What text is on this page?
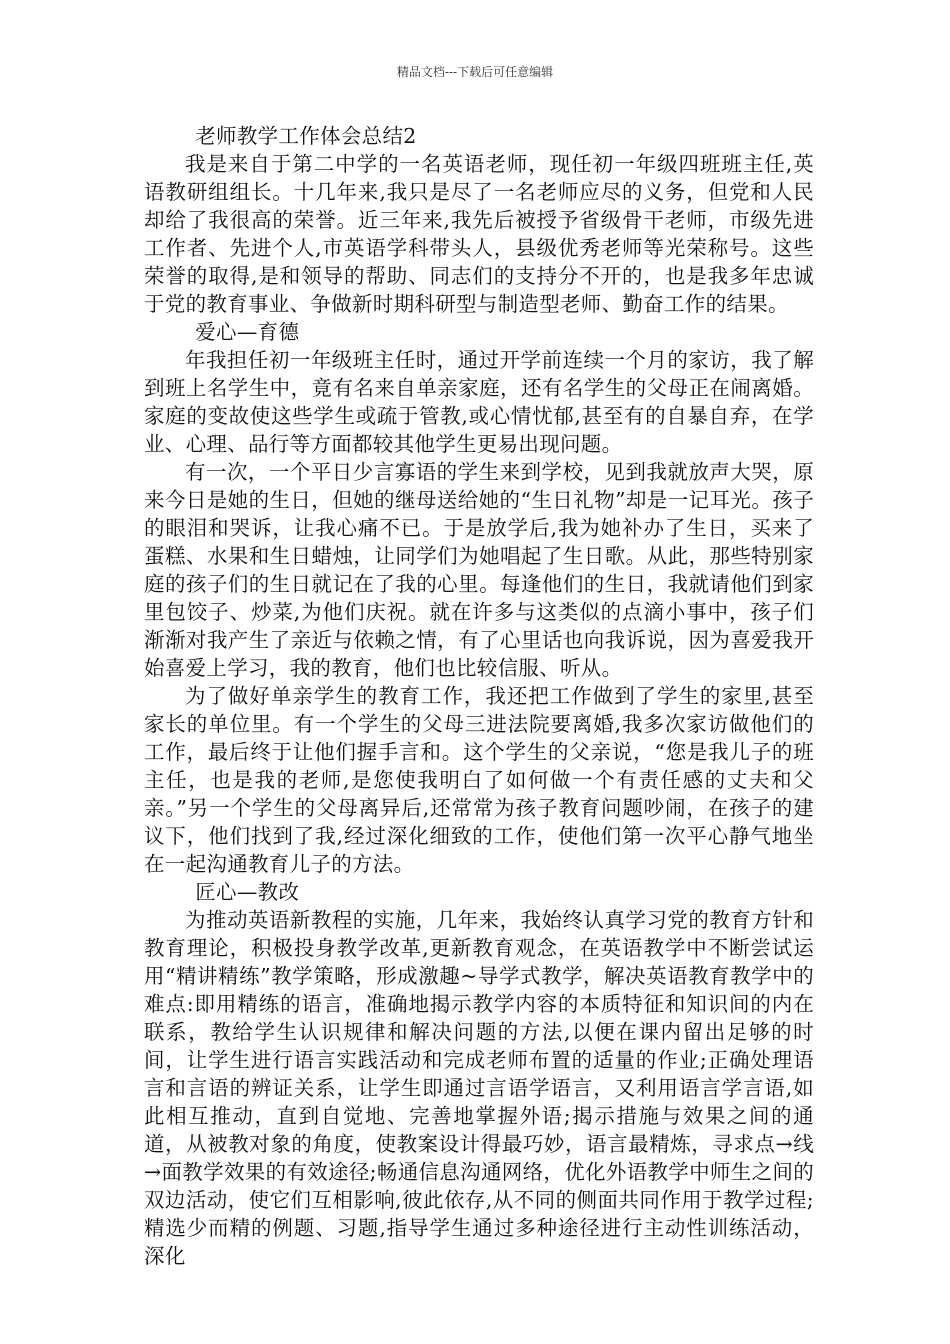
精品文档---下载后可任意编辑

老师教学工作体会总结2

我是来自于第二中学的一名英语老师，现任初一年级四班班主任,英语教研组组长。十几年来,我只是尽了一名老师应尽的义务，但党和人民却给了我很高的荣誉。近三年来,我先后被授予省级骨干老师，市级先进工作者、先进个人,市英语学科带头人，县级优秀老师等光荣称号。这些荣誉的取得,是和领导的帮助、同志们的支持分不开的，也是我多年忠诚于党的教育事业、争做新时期科研型与制造型老师、勤奋工作的结果。

爱心—育德

年我担任初一年级班主任时，通过开学前连续一个月的家访，我了解到班上名学生中，竟有名来自单亲家庭，还有名学生的父母正在闹离婚。家庭的变故使这些学生或疏于管教,或心情忧郁,甚至有的自暴自弃，在学业、心理、品行等方面都较其他学生更易出现问题。

有一次，一个平日少言寡语的学生来到学校，见到我就放声大哭，原来今日是她的生日，但她的继母送给她的“生日礼物”却是一记耳光。孩子的眼泪和哭诉，让我心痛不已。于是放学后,我为她补办了生日，买来了蛋糕、水果和生日蜡烛，让同学们为她唱起了生日歌。从此，那些特别家庭的孩子们的生日就记在了我的心里。每逢他们的生日，我就请他们到家里包饺子、炒菜,为他们庆祝。就在许多与这类似的点滴小事中，孩子们渐渐对我产生了亲近与依赖之情，有了心里话也向我诉说，因为喜爱我开始喜爱上学习，我的教育，他们也比较信服、听从。

为了做好单亲学生的教育工作，我还把工作做到了学生的家里,甚至家长的单位里。有一个学生的父母三进法院要离婚,我多次家访做他们的工作，最后终于让他们握手言和。这个学生的父亲说，“您是我儿子的班主任，也是我的老师,是您使我明白了如何做一个有责任感的丈夫和父亲。”另一个学生的父母离异后,还常常为孩子教育问题吵闹，在孩子的建议下，他们找到了我,经过深化细致的工作，使他们第一次平心静气地坐在一起沟通教育儿子的方法。

匠心—教改

为推动英语新教程的实施，几年来，我始终认真学习党的教育方针和教育理论，积极投身教学改革,更新教育观念，在英语教学中不断尝试运用“精讲精练”教学策略，形成激趣~导学式教学，解决英语教育教学中的难点:即用精练的语言，准确地揭示教学内容的本质特征和知识间的内在联系，教给学生认识规律和解决问题的方法,以便在课内留出足够的时间，让学生进行语言实践活动和完成老师布置的适量的作业;正确处理语言和言语的辨证关系，让学生即通过言语学语言，又利用语言学言语,如此相互推动，直到自觉地、完善地掌握外语;揭示措施与效果之间的通道，从被教对象的角度，使教案设计得最巧妙，语言最精炼，寻求点→线→面教学效果的有效途径;畅通信息沟通网络，优化外语教学中师生之间的双边活动，使它们互相影响,彼此依存,从不同的侧面共同作用于教学过程;精选少而精的例题、习题,指导学生通过多种途径进行主动性训练活动，深化
